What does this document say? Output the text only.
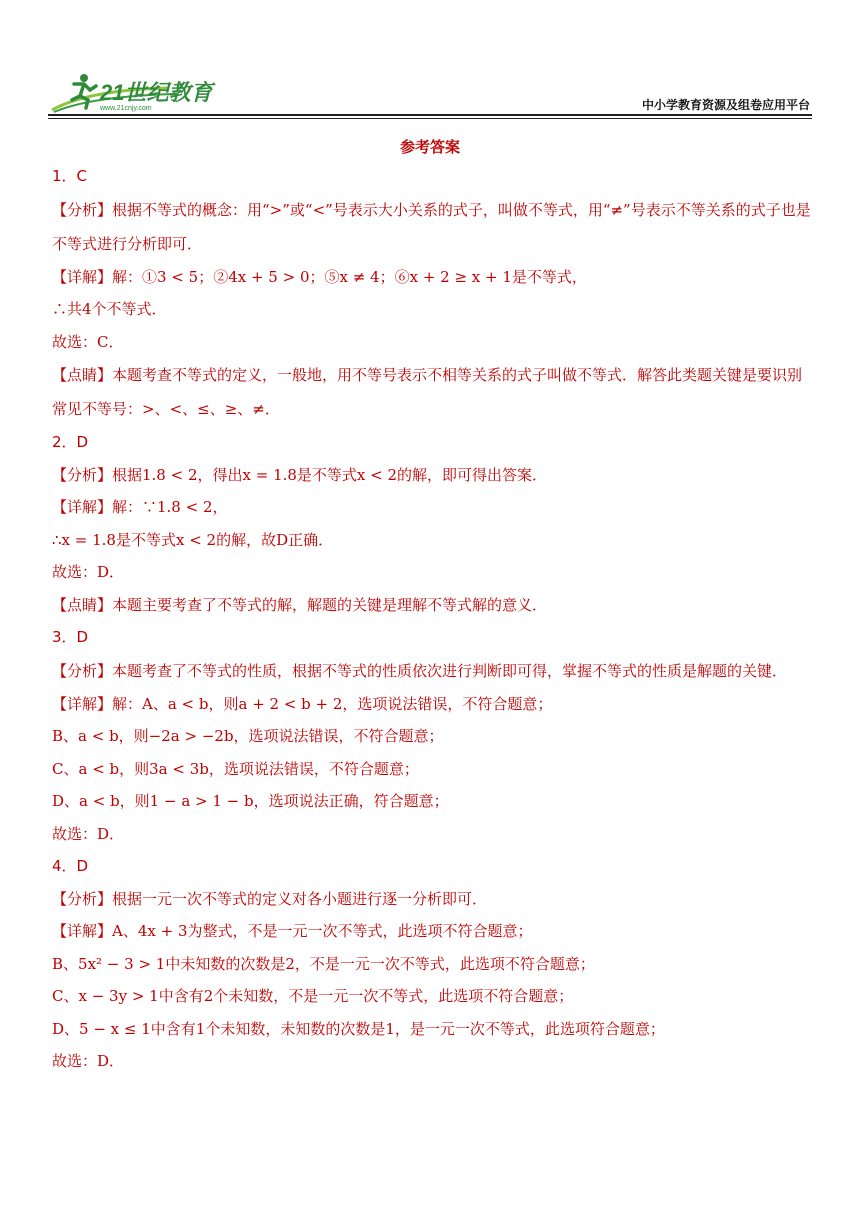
21世纪教育
www.21cnjy.com	中小学教育资源及组卷应用平台
参考答案
1．C
【分析】根据不等式的概念：用“>”或“<”号表示大小关系的式子，叫做不等式，用“≠”号表示不等关系的式子也是不等式进行分析即可．
【详解】解：①3 < 5；②4x + 5 > 0；⑤x ≠ 4；⑥x + 2 ≥ x + 1是不等式，
∴共4个不等式．
故选：C．
【点睛】本题考查不等式的定义，一般地，用不等号表示不相等关系的式子叫做不等式．解答此类题关键是要识别常见不等号：>、<、≤、≥、≠．
2．D
【分析】根据1.8 < 2，得出x = 1.8是不等式x < 2的解，即可得出答案．
【详解】解：∵1.8 < 2，
∴x = 1.8是不等式x < 2的解，故D正确．
故选：D．
【点睛】本题主要考查了不等式的解，解题的关键是理解不等式解的意义．
3．D
【分析】本题考查了不等式的性质，根据不等式的性质依次进行判断即可得，掌握不等式的性质是解题的关键．
【详解】解：A、a < b，则a + 2 < b + 2，选项说法错误，不符合题意；
B、a < b，则−2a > −2b，选项说法错误，不符合题意；
C、a < b，则3a < 3b，选项说法错误，不符合题意；
D、a < b，则1 − a > 1 − b，选项说法正确，符合题意；
故选：D．
4．D
【分析】根据一元一次不等式的定义对各小题进行逐一分析即可．
【详解】A、4x + 3为整式，不是一元一次不等式，此选项不符合题意；
B、5x² − 3 > 1中未知数的次数是2，不是一元一次不等式，此选项不符合题意；
C、x − 3y > 1中含有2个未知数，不是一元一次不等式，此选项不符合题意；
D、5 − x ≤ 1中含有1个未知数，未知数的次数是1，是一元一次不等式，此选项符合题意；
故选：D．
